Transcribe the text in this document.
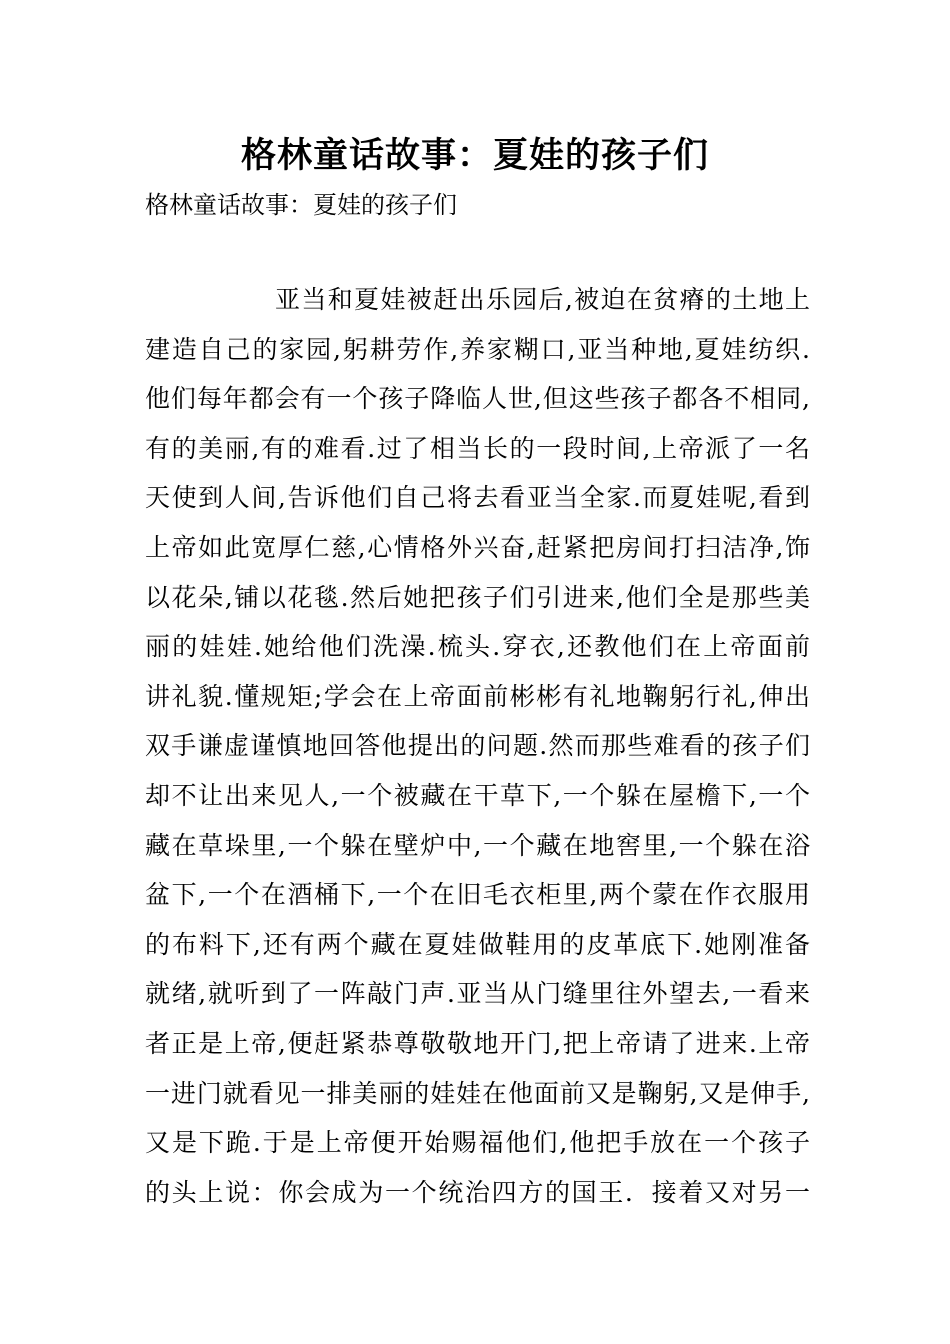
格林童话故事：夏娃的孩子们
格林童话故事：夏娃的孩子们
亚当和夏娃被赶出乐园后,被迫在贫瘠的土地上
建造自己的家园,躬耕劳作,养家糊口,亚当种地,夏娃纺织.
他们每年都会有一个孩子降临人世,但这些孩子都各不相同,
有的美丽,有的难看.过了相当长的一段时间,上帝派了一名
天使到人间,告诉他们自己将去看亚当全家.而夏娃呢,看到
上帝如此宽厚仁慈,心情格外兴奋,赶紧把房间打扫洁净,饰
以花朵,铺以花毯.然后她把孩子们引进来,他们全是那些美
丽的娃娃.她给他们洗澡.梳头.穿衣,还教他们在上帝面前
讲礼貌.懂规矩;学会在上帝面前彬彬有礼地鞠躬行礼,伸出
双手谦虚谨慎地回答他提出的问题.然而那些难看的孩子们
却不让出来见人,一个被藏在干草下,一个躲在屋檐下,一个
藏在草垛里,一个躲在壁炉中,一个藏在地窖里,一个躲在浴
盆下,一个在酒桶下,一个在旧毛衣柜里,两个蒙在作衣服用
的布料下,还有两个藏在夏娃做鞋用的皮革底下.她刚准备
就绪,就听到了一阵敲门声.亚当从门缝里往外望去,一看来
者正是上帝,便赶紧恭尊敬敬地开门,把上帝请了进来.上帝
一进门就看见一排美丽的娃娃在他面前又是鞠躬,又是伸手,
又是下跪.于是上帝便开始赐福他们,他把手放在一个孩子
的头上说：你会成为一个统治四方的国王．接着又对另一
